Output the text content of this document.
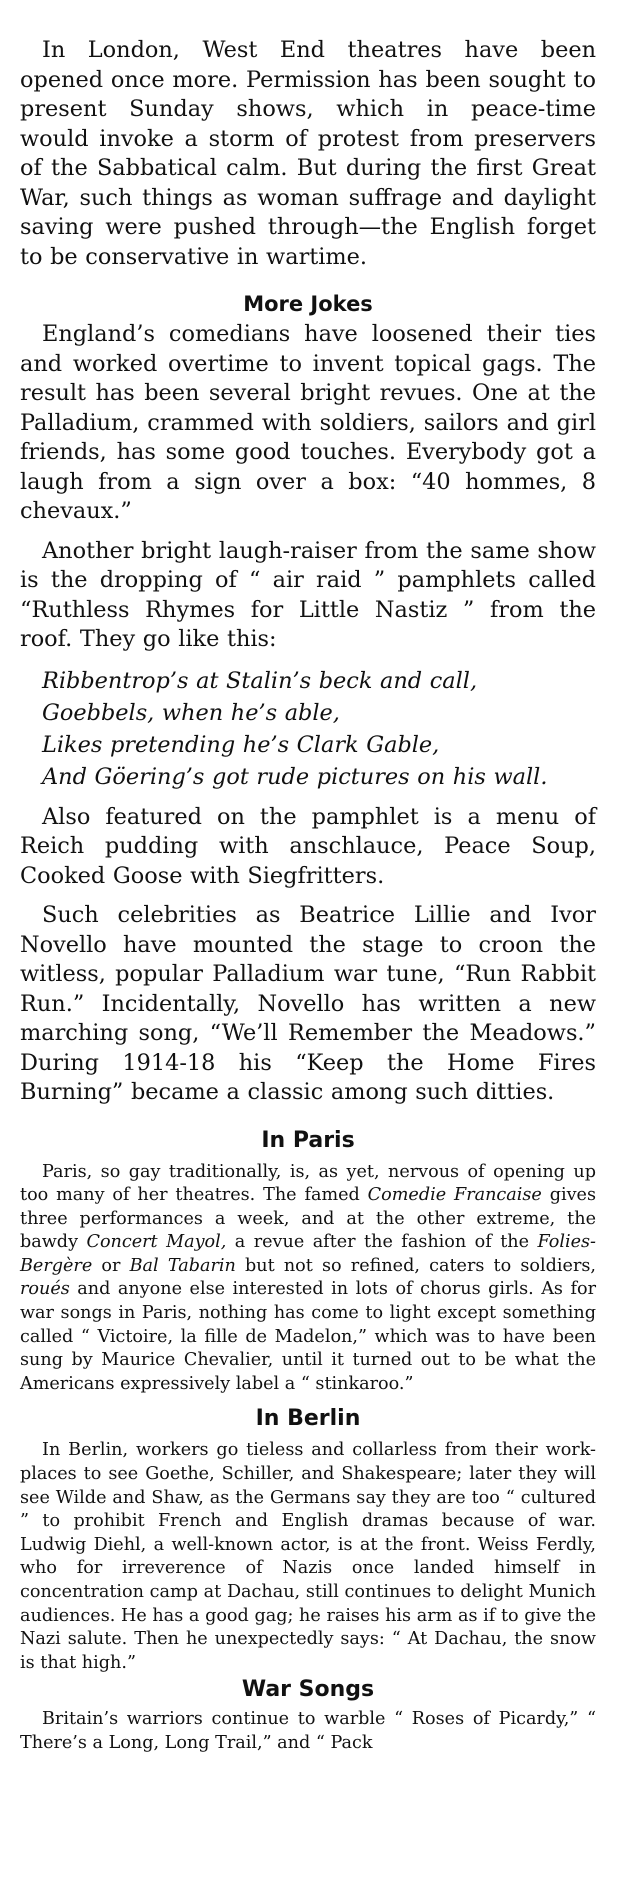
In London, West End theatres have been opened once more. Permission has been sought to present Sunday shows, which in peace-time would invoke a storm of protest from preservers of the Sabbatical calm. But during the first Great War, such things as woman suffrage and daylight saving were pushed through—the English forget to be conservative in wartime.

More Jokes

England’s comedians have loosened their ties and worked overtime to invent topical gags. The result has been several bright revues. One at the Palladium, crammed with soldiers, sailors and girl friends, has some good touches. Everybody got a laugh from a sign over a box: “40 hommes, 8 chevaux.”

Another bright laugh-raiser from the same show is the dropping of “ air raid ” pamphlets called “Ruthless Rhymes for Little Nastiz ” from the roof. They go like this:

Ribbentrop’s at Stalin’s beck and call,
Goebbels, when he’s able,
Likes pretending he’s Clark Gable,
And Göering’s got rude pictures on his wall.

Also featured on the pamphlet is a menu of Reich pudding with anschlauce, Peace Soup, Cooked Goose with Siegfritters.

Such celebrities as Beatrice Lillie and Ivor Novello have mounted the stage to croon the witless, popular Palladium war tune, “Run Rabbit Run.” Incidentally, Novello has written a new marching song, “We’ll Remember the Meadows.” During 1914-18 his “Keep the Home Fires Burning” became a classic among such ditties.

In Paris

Paris, so gay traditionally, is, as yet, nervous of opening up too many of her theatres. The famed Comedie Francaise gives three performances a week, and at the other extreme, the bawdy Concert Mayol, a revue after the fashion of the Folies-Bergère or Bal Tabarin but not so refined, caters to soldiers, roués and anyone else interested in lots of chorus girls. As for war songs in Paris, nothing has come to light except something called “ Victoire, la fille de Madelon,” which was to have been sung by Maurice Chevalier, until it turned out to be what the Americans expressively label a “ stinkaroo.”

In Berlin

In Berlin, workers go tieless and collarless from their work-places to see Goethe, Schiller, and Shakespeare; later they will see Wilde and Shaw, as the Germans say they are too “ cultured ” to prohibit French and English dramas because of war. Ludwig Diehl, a well-known actor, is at the front. Weiss Ferdly, who for irreverence of Nazis once landed himself in concentration camp at Dachau, still continues to delight Munich audiences. He has a good gag; he raises his arm as if to give the Nazi salute. Then he unexpectedly says: “ At Dachau, the snow is that high.”

War Songs

Britain’s warriors continue to warble “ Roses of Picardy,” “ There’s a Long, Long Trail,” and “ Pack
